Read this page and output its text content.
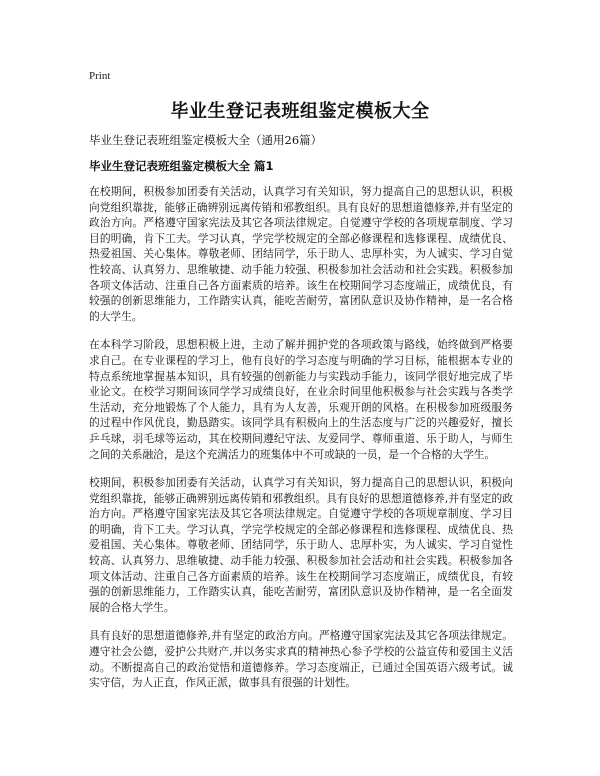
Print
毕业生登记表班组鉴定模板大全
毕业生登记表班组鉴定模板大全（通用26篇）
毕业生登记表班组鉴定模板大全 篇1

在校期间，积极参加团委有关活动，认真学习有关知识，努力提高自己的思想认识，积极向党组织靠拢，能够正确辨别远离传销和邪教组织。具有良好的思想道德修养,并有坚定的政治方向。严格遵守国家宪法及其它各项法律规定。自觉遵守学校的各项规章制度、学习目的明确，肯下工夫。学习认真，学完学校规定的全部必修课程和选修课程、成绩优良、热爱祖国、关心集体。尊敬老师、团结同学，乐于助人、忠厚朴实，为人诚实、学习自觉性较高、认真努力、思维敏捷、动手能力较强、积极参加社会活动和社会实践。积极参加各项文体活动、注重自己各方面素质的培养。该生在校期间学习态度端正，成绩优良，有较强的创新思维能力，工作踏实认真，能吃苦耐劳，富团队意识及协作精神，是一名合格的大学生。

在本科学习阶段，思想积极上进，主动了解并拥护党的各项政策与路线，始终做到严格要求自己。在专业课程的学习上，他有良好的学习态度与明确的学习目标，能根据本专业的特点系统地掌握基本知识，具有较强的创新能力与实践动手能力，该同学很好地完成了毕业论文。在校学习期间该同学学习成绩良好，在业余时间里他积极参与社会实践与各类学生活动，充分地锻炼了个人能力，具有为人友善，乐观开朗的风格。在积极参加班级服务的过程中作风优良，勤恳踏实。该同学具有积极向上的生活态度与广泛的兴趣爱好，擅长乒乓球，羽毛球等运动，其在校期间遵纪守法、友爱同学、尊师重道、乐于助人，与师生之间的关系融洽，是这个充满活力的班集体中不可或缺的一员，是一个合格的大学生。

校期间，积极参加团委有关活动，认真学习有关知识，努力提高自己的思想认识，积极向党组织靠拢，能够正确辨别远离传销和邪教组织。具有良好的思想道德修养,并有坚定的政治方向。严格遵守国家宪法及其它各项法律规定。自觉遵守学校的各项规章制度、学习目的明确，肯下工夫。学习认真，学完学校规定的全部必修课程和选修课程、成绩优良、热爱祖国、关心集体。尊敬老师、团结同学，乐于助人、忠厚朴实，为人诚实、学习自觉性较高、认真努力、思维敏捷、动手能力较强、积极参加社会活动和社会实践。积极参加各项文体活动、注重自己各方面素质的培养。该生在校期间学习态度端正，成绩优良，有较强的创新思维能力，工作踏实认真，能吃苦耐劳，富团队意识及协作精神，是一名全面发展的合格大学生。

具有良好的思想道德修养,并有坚定的政治方向。严格遵守国家宪法及其它各项法律规定。遵守社会公德，爱护公共财产,并以务实求真的精神热心参予学校的公益宣传和爱国主义活动。不断提高自己的政治觉悟和道德修养。学习态度端正，已通过全国英语六级考试。诚实守信，为人正直，作风正派，做事具有很强的计划性。
